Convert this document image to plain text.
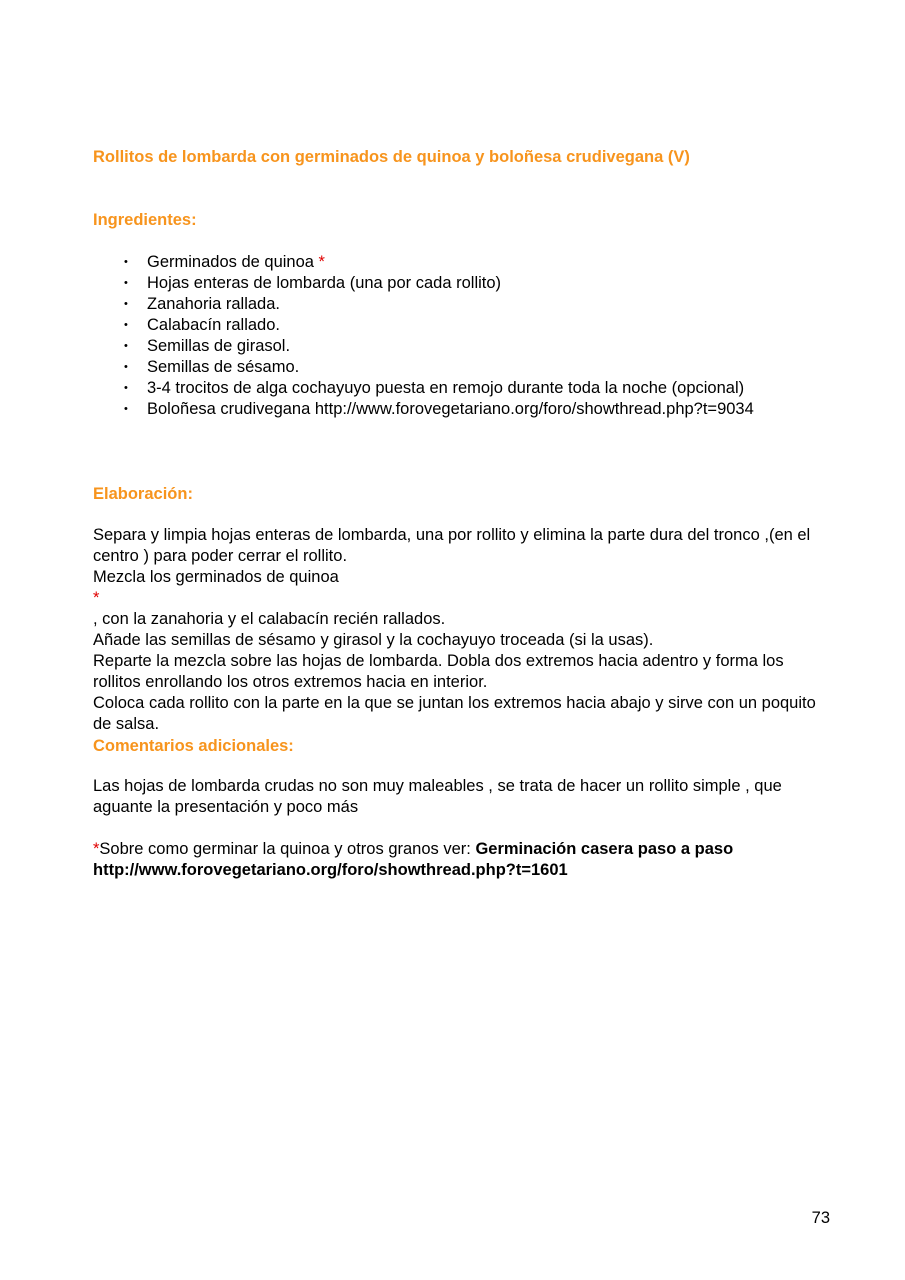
Rollitos de lombarda con germinados de quinoa y boloñesa crudivegana (V)
Ingredientes:
• Germinados de quinoa *
• Hojas enteras de lombarda (una por cada rollito)
• Zanahoria rallada.
• Calabacín rallado.
• Semillas de girasol.
• Semillas de sésamo.
• 3-4 trocitos de alga cochayuyo puesta en remojo durante toda la noche (opcional)
• Boloñesa crudivegana http://www.forovegetariano.org/foro/showthread.php?t=9034
Elaboración:
Separa y limpia hojas enteras de lombarda, una por rollito y elimina la parte dura del tronco ,(en el centro ) para poder cerrar el rollito.
Mezcla los germinados de quinoa
*
, con la zanahoria y el calabacín recién rallados.
Añade las semillas de sésamo y girasol y la cochayuyo troceada (si la usas).
Reparte la mezcla sobre las hojas de lombarda. Dobla dos extremos hacia adentro y forma los rollitos enrollando los otros extremos hacia en interior.
Coloca cada rollito con la parte en la que se juntan los extremos hacia abajo y sirve con un poquito de salsa.
Comentarios adicionales:
Las hojas de lombarda crudas no son muy maleables , se trata de hacer un rollito simple , que aguante la presentación y poco más
*Sobre como germinar la quinoa y otros granos ver: Germinación casera paso a paso http://www.forovegetariano.org/foro/showthread.php?t=1601
73
